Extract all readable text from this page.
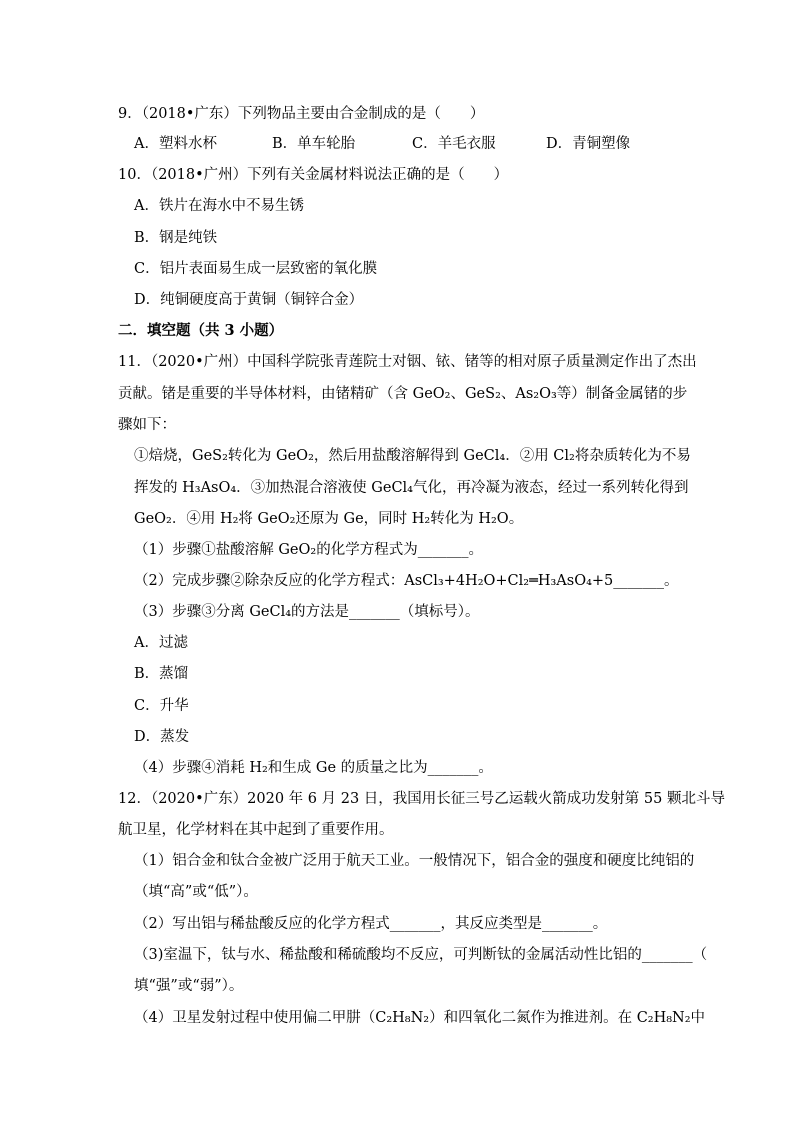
9．（2018•广东）下列物品主要由合金制成的是（　　）
A．塑料水杯	B．单车轮胎	C．羊毛衣服	D．青铜塑像
10．（2018•广州）下列有关金属材料说法正确的是（　　）
A．铁片在海水中不易生锈
B．钢是纯铁
C．铝片表面易生成一层致密的氧化膜
D．纯铜硬度高于黄铜（铜锌合金）
二．填空题（共 3 小题）
11．（2020•广州）中国科学院张青莲院士对铟、铱、锗等的相对原子质量测定作出了杰出
贡献。锗是重要的半导体材料，由锗精矿（含 GeO₂、GeS₂、As₂O₃等）制备金属锗的步
骤如下：
①焙烧，GeS₂转化为 GeO₂，然后用盐酸溶解得到 GeCl₄．②用 Cl₂将杂质转化为不易
挥发的 H₃AsO₄．③加热混合溶液使 GeCl₄气化，再冷凝为液态，经过一系列转化得到
GeO₂．④用 H₂将 GeO₂还原为 Ge，同时 H₂转化为 H₂O。
（1）步骤①盐酸溶解 GeO₂的化学方程式为_______。
（2）完成步骤②除杂反应的化学方程式：AsCl₃+4H₂O+Cl₂═H₃AsO₄+5_______。
（3）步骤③分离 GeCl₄的方法是_______（填标号）。
A．过滤
B．蒸馏
C．升华
D．蒸发
（4）步骤④消耗 H₂和生成 Ge 的质量之比为_______。
12．（2020•广东）2020 年 6 月 23 日，我国用长征三号乙运载火箭成功发射第 55 颗北斗导
航卫星，化学材料在其中起到了重要作用。
（1）铝合金和钛合金被广泛用于航天工业。一般情况下，铝合金的强度和硬度比纯铝的
（填“高”或“低”）。
（2）写出铝与稀盐酸反应的化学方程式_______，其反应类型是_______。
（3)室温下，钛与水、稀盐酸和稀硫酸均不反应，可判断钛的金属活动性比铝的_______（
填“强”或“弱”）。
（4）卫星发射过程中使用偏二甲肼（C₂H₈N₂）和四氧化二氮作为推进剂。在 C₂H₈N₂中
